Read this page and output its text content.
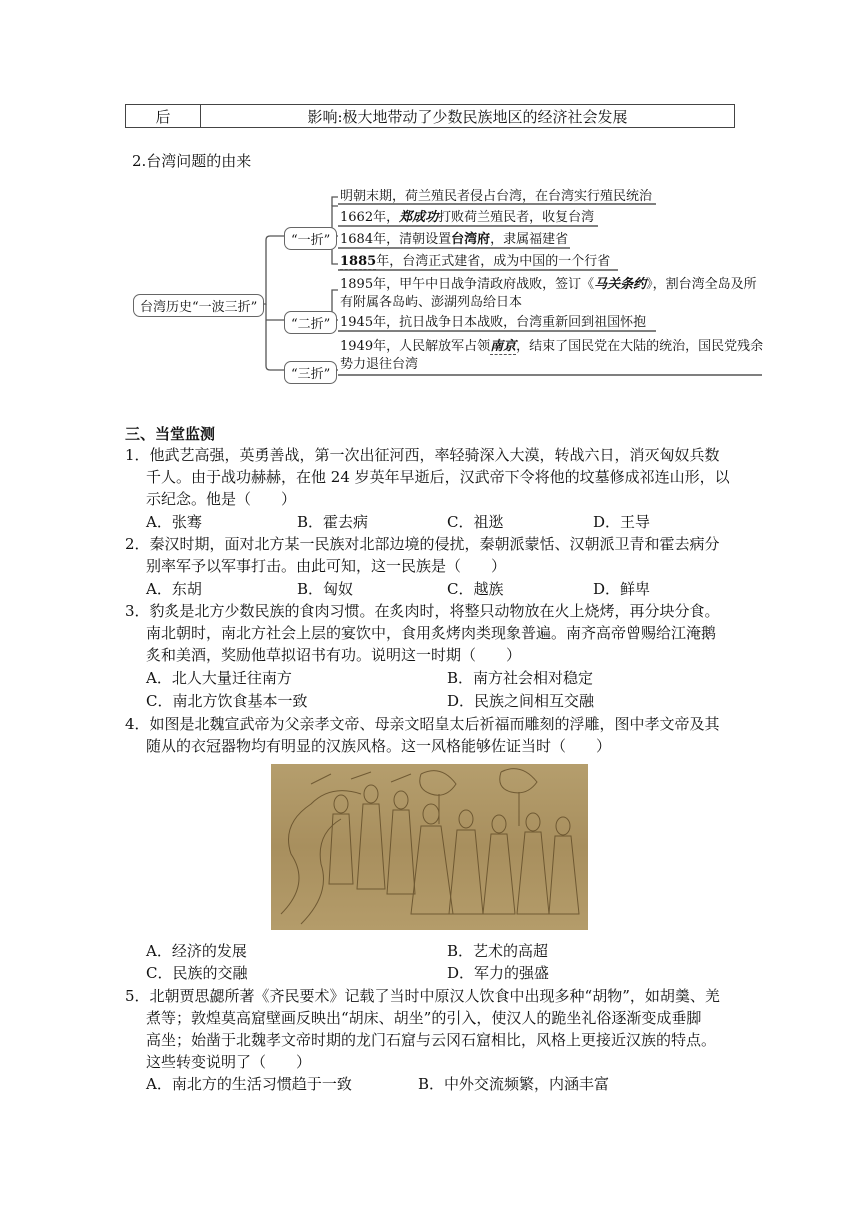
后	影响:极大地带动了少数民族地区的经济社会发展
2.台湾问题的由来
台湾历史“一波三折”
“一折”
“二折”
“三折”
明朝末期，荷兰殖民者侵占台湾，在台湾实行殖民统治
1662年，郑成功打败荷兰殖民者，收复台湾
1684年，清朝设置台湾府，隶属福建省
1885年，台湾正式建省，成为中国的一个行省
1895年，甲午中日战争清政府战败，签订《马关条约》，割台湾全岛及所
有附属各岛屿、澎湖列岛给日本
1945年，抗日战争日本战败，台湾重新回到祖国怀抱
1949年，人民解放军占领南京，结束了国民党在大陆的统治，国民党残余
势力退往台湾
三、当堂监测
1．他武艺高强，英勇善战，第一次出征河西，率轻骑深入大漠，转战六日，消灭匈奴兵数
千人。由于战功赫赫，在他 24 岁英年早逝后，汉武帝下令将他的坟墓修成祁连山形，以
示纪念。他是（　　）
A．张骞	B．霍去病	C．祖逖	D．王导
2．秦汉时期，面对北方某一民族对北部边境的侵扰，秦朝派蒙恬、汉朝派卫青和霍去病分
别率军予以军事打击。由此可知，这一民族是（　　）
A．东胡	B．匈奴	C．越族	D．鲜卑
3．豹炙是北方少数民族的食肉习惯。在炙肉时，将整只动物放在火上烧烤，再分块分食。
南北朝时，南北方社会上层的宴饮中，食用炙烤肉类现象普遍。南齐高帝曾赐给江淹鹅
炙和美酒，奖励他草拟诏书有功。说明这一时期（　　）
A．北人大量迁往南方	B．南方社会相对稳定
C．南北方饮食基本一致	D．民族之间相互交融
4．如图是北魏宣武帝为父亲孝文帝、母亲文昭皇太后祈福而雕刻的浮雕，图中孝文帝及其
随从的衣冠器物均有明显的汉族风格。这一风格能够佐证当时（　　）
A．经济的发展	B．艺术的高超
C．民族的交融	D．军力的强盛
5．北朝贾思勰所著《齐民要术》记载了当时中原汉人饮食中出现多种“胡物”，如胡羹、羌
煮等；敦煌莫高窟壁画反映出“胡床、胡坐”的引入，使汉人的跪坐礼俗逐渐变成垂脚
高坐；始凿于北魏孝文帝时期的龙门石窟与云冈石窟相比，风格上更接近汉族的特点。
这些转变说明了（　　）
A．南北方的生活习惯趋于一致	B．中外交流频繁，内涵丰富
